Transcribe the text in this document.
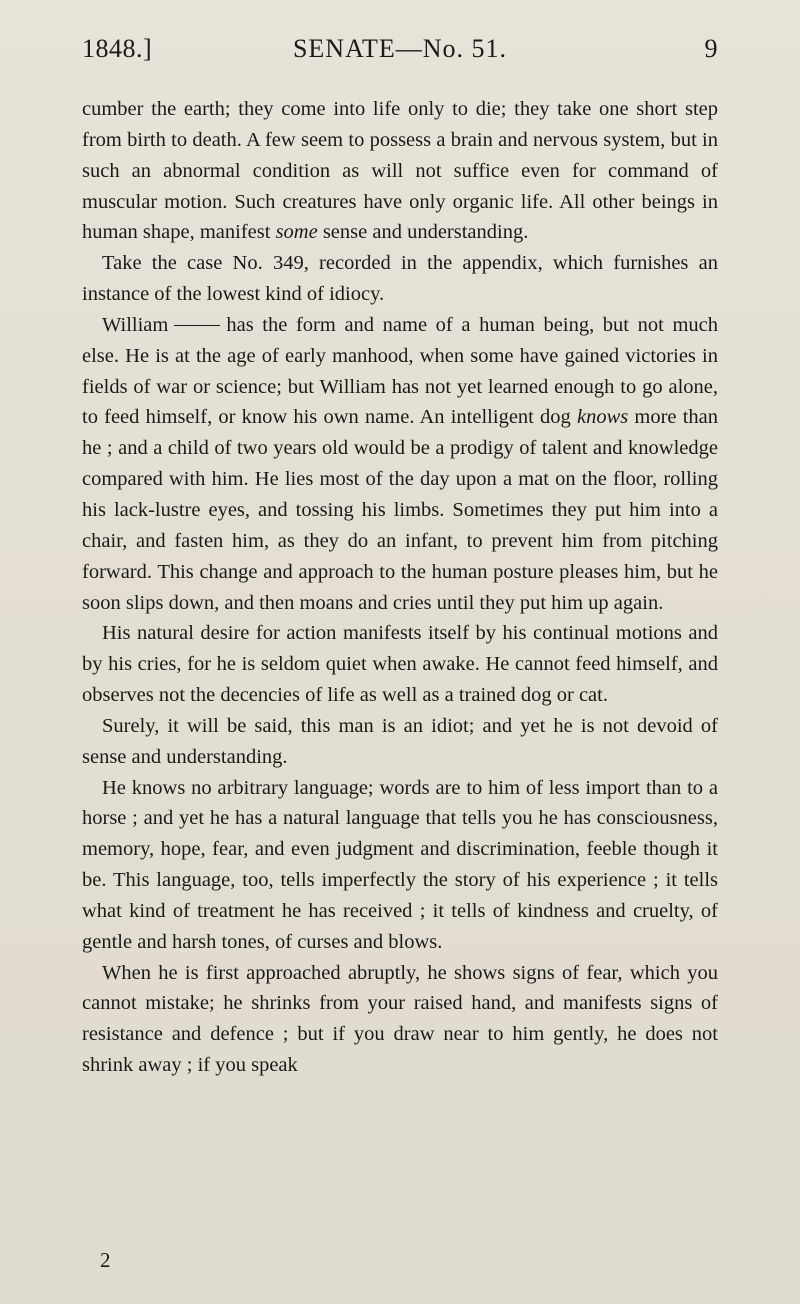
1848.]	SENATE—No. 51.	9

cumber the earth; they come into life only to die; they take one short step from birth to death. A few seem to possess a brain and nervous system, but in such an abnormal condition as will not suffice even for command of muscular motion. Such creatures have only organic life. All other beings in human shape, manifest some sense and understanding.

Take the case No. 349, recorded in the appendix, which furnishes an instance of the lowest kind of idiocy.

William	has the form and name of a human being, but not much else. He is at the age of early manhood, when some have gained victories in fields of war or science; but William has not yet learned enough to go alone, to feed himself, or know his own name. An intelligent dog knows more than he ; and a child of two years old would be a prodigy of talent and knowledge compared with him. He lies most of the day upon a mat on the floor, rolling his lack-lustre eyes, and tossing his limbs. Sometimes they put him into a chair, and fasten him, as they do an infant, to prevent him from pitching forward. This change and approach to the human posture pleases him, but he soon slips down, and then moans and cries until they put him up again.

His natural desire for action manifests itself by his continual motions and by his cries, for he is seldom quiet when awake. He cannot feed himself, and observes not the decencies of life as well as a trained dog or cat.

Surely, it will be said, this man is an idiot; and yet he is not devoid of sense and understanding.

He knows no arbitrary language; words are to him of less import than to a horse ; and yet he has a natural language that tells you he has consciousness, memory, hope, fear, and even judgment and discrimination, feeble though it be. This language, too, tells imperfectly the story of his experience ; it tells what kind of treatment he has received ; it tells of kindness and cruelty, of gentle and harsh tones, of curses and blows.

When he is first approached abruptly, he shows signs of fear, which you cannot mistake; he shrinks from your raised hand, and manifests signs of resistance and defence ; but if you draw near to him gently, he does not shrink away ; if you speak

2
